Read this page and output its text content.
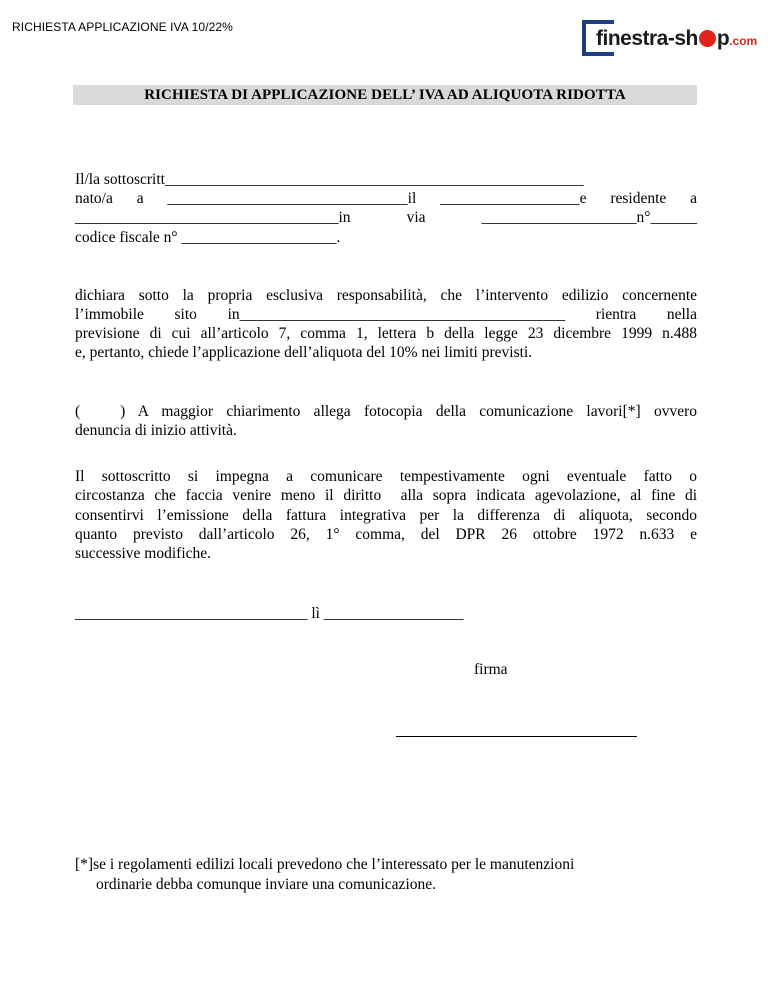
RICHIESTA APPLICAZIONE IVA 10/22%	finestra-sh p.com
RICHIESTA DI APPLICAZIONE DELL’ IVA AD ALIQUOTA RIDOTTA
Il/la sottoscritt______________________________________________________
nato/a a _______________________________il __________________e residente a
__________________________________in via ____________________n°______
codice fiscale n° ____________________.
dichiara sotto la propria esclusiva responsabilità, che l’intervento edilizio concernente
l’immobile sito in__________________________________________ rientra nella
previsione di cui all’articolo 7, comma 1, lettera b della legge 23 dicembre 1999 n.488
e, pertanto, chiede l’applicazione dell’aliquota del 10% nei limiti previsti.
(   ) A maggior chiarimento allega fotocopia della comunicazione lavori[*] ovvero
denuncia di inizio attività.
Il sottoscritto si impegna a comunicare tempestivamente ogni eventuale fatto o
circostanza che faccia venire meno il diritto  alla sopra indicata agevolazione, al fine di
consentirvi l’emissione della fattura integrativa per la differenza di aliquota, secondo
quanto previsto dall’articolo 26, 1° comma, del DPR 26 ottobre 1972 n.633 e
successive modifiche.
______________________________ lì __________________
firma
[*]se i regolamenti edilizi locali prevedono che l’interessato per le manutenzioni
ordinarie debba comunque inviare una comunicazione.
